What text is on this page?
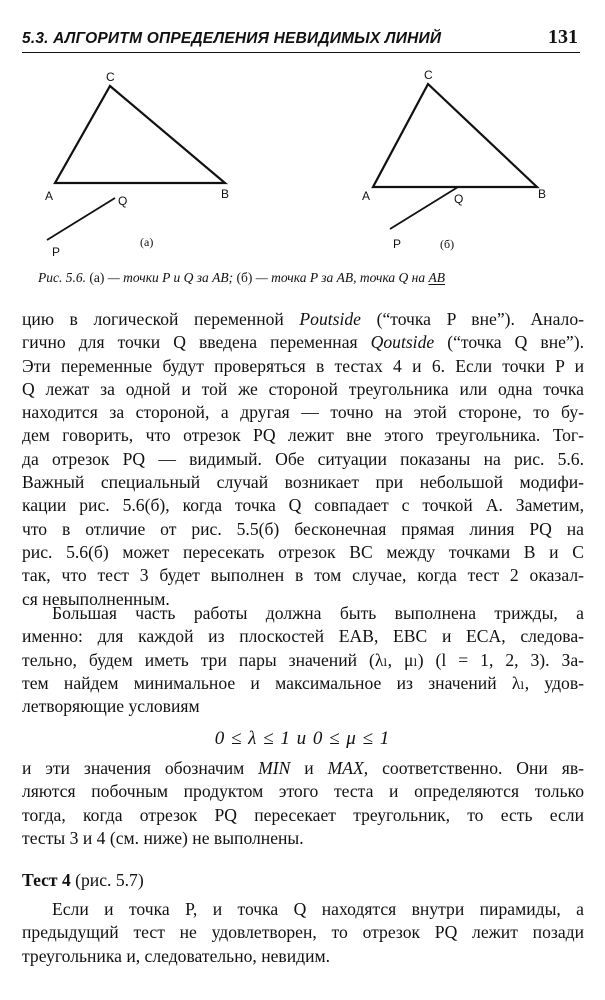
5.3. АЛГОРИТМ ОПРЕДЕЛЕНИЯ НЕВИДИМЫХ ЛИНИЙ	131
C
A	B
Q
P
(а)
C
A	B
Q
P	(б)
Рис. 5.6. (а) — точки P и Q за AB; (б) — точка P за AB, точка Q на AB
цию в логической переменной Poutside (“точка P вне”). Анало-
гично для точки Q введена переменная Qoutside (“точка Q вне”).
Эти переменные будут проверяться в тестах 4 и 6. Если точки P и
Q лежат за одной и той же стороной треугольника или одна точка
находится за стороной, а другая — точно на этой стороне, то бу-
дем говорить, что отрезок PQ лежит вне этого треугольника. Тог-
да отрезок PQ — видимый. Обе ситуации показаны на рис. 5.6.
Важный специальный случай возникает при небольшой модифи-
кации рис. 5.6(б), когда точка Q совпадает с точкой A. Заметим,
что в отличие от рис. 5.5(б) бесконечная прямая линия PQ на
рис. 5.6(б) может пересекать отрезок BC между точками B и C
так, что тест 3 будет выполнен в том случае, когда тест 2 оказал-
ся невыполненным.
Большая часть работы должна быть выполнена трижды, а
именно: для каждой из плоскостей EAB, EBC и ECA, следова-
тельно, будем иметь три пары значений (λₗ, μₗ) (l = 1, 2, 3). За-
тем найдем минимальное и максимальное из значений λₗ, удов-
летворяющие условиям
0 ≤ λ ≤ 1 и 0 ≤ μ ≤ 1
и эти значения обозначим MIN и MAX, соответственно. Они яв-
ляются побочным продуктом этого теста и определяются только
тогда, когда отрезок PQ пересекает треугольник, то есть если
тесты 3 и 4 (см. ниже) не выполнены.
Тест 4 (рис. 5.7)
Если и точка P, и точка Q находятся внутри пирамиды, а
предыдущий тест не удовлетворен, то отрезок PQ лежит позади
треугольника и, следовательно, невидим.
